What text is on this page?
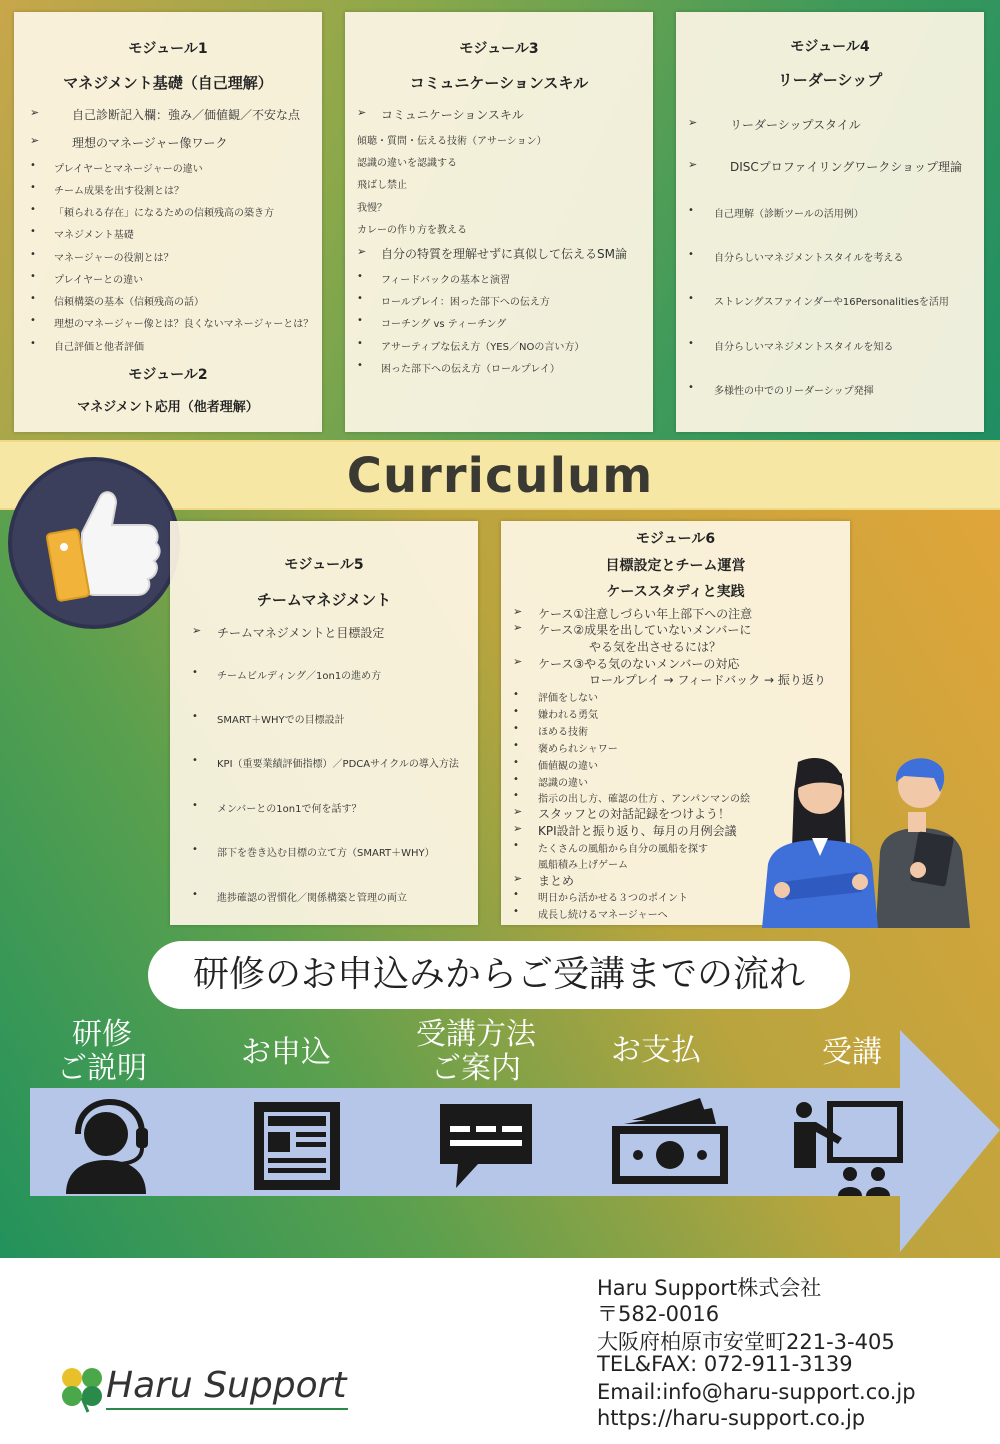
Curriculum
モジュール1
マネジメント基礎（自己理解）
➢	自己診断記入欄：強み／価値観／不安な点
➢	理想のマネージャー像ワーク
• プレイヤーとマネージャーの違い
• チーム成果を出す役割とは？
• 「頼られる存在」になるための信頼残高の築き方
• マネジメント基礎
• マネージャーの役割とは？
• プレイヤーとの違い
• 信頼構築の基本（信頼残高の話）
• 理想のマネージャー像とは？良くないマネージャーとは？
• 自己評価と他者評価
モジュール2
マネジメント応用（他者理解）
モジュール3
コミュニケーションスキル
➢ コミュニケーションスキル
傾聴・質問・伝える技術（アサーション）
認識の違いを認識する
飛ばし禁止
我慢？
カレーの作り方を教える
➢ 自分の特質を理解せずに真似して伝えるSM論
• フィードバックの基本と演習
• ロールプレイ：困った部下への伝え方
• コーチング vs ティーチング
• アサーティブな伝え方（YES／NOの言い方）
• 困った部下への伝え方（ロールプレイ）
モジュール4
リーダーシップ
➢	リーダーシップスタイル
➢	DISCプロファイリングワークショップ理論
• 自己理解（診断ツールの活用例）
• 自分らしいマネジメントスタイルを考える
• ストレングスファインダーや16Personalitiesを活用
• 自分らしいマネジメントスタイルを知る
• 多様性の中でのリーダーシップ発揮
モジュール5
チームマネジメント
➢ チームマネジメントと目標設定
• チームビルディング／1on1の進め方
• SMART＋WHYでの目標設計
• KPI（重要業績評価指標）／PDCAサイクルの導入方法
• メンバーとの1on1で何を話す？
• 部下を巻き込む目標の立て方（SMART＋WHY）
• 進捗確認の習慣化／関係構築と管理の両立
モジュール6
目標設定とチーム運営
ケーススタディと実践
➢ ケース①注意しづらい年上部下への注意
➢ ケース②成果を出していないメンバーに
やる気を出させるには？
➢ ケース③やる気のないメンバーの対応
ロールプレイ → フィードバック → 振り返り
• 評価をしない
• 嫌われる勇気
• ほめる技術
• 褒められシャワー
• 価値観の違い
• 認識の違い
• 指示の出し方、確認の仕方 、アンパンマンの絵
➢ スタッフとの対話記録をつけよう！
➢ KPI設計と振り返り、毎月の月例会議
• たくさんの風船から自分の風船を探す
風船積み上げゲーム
➢ まとめ
• 明日から活かせる３つのポイント
• 成長し続けるマネージャーへ
研修のお申込みからご受講までの流れ
研修
ご説明	お申込
受講方法
ご案内
お支払	受講
Haru Support
Haru Support株式会社
〒582-0016
大阪府柏原市安堂町221-3-405
TEL&FAX: 072-911-3139
Email:info@haru-support.co.jp
https://haru-support.co.jp
